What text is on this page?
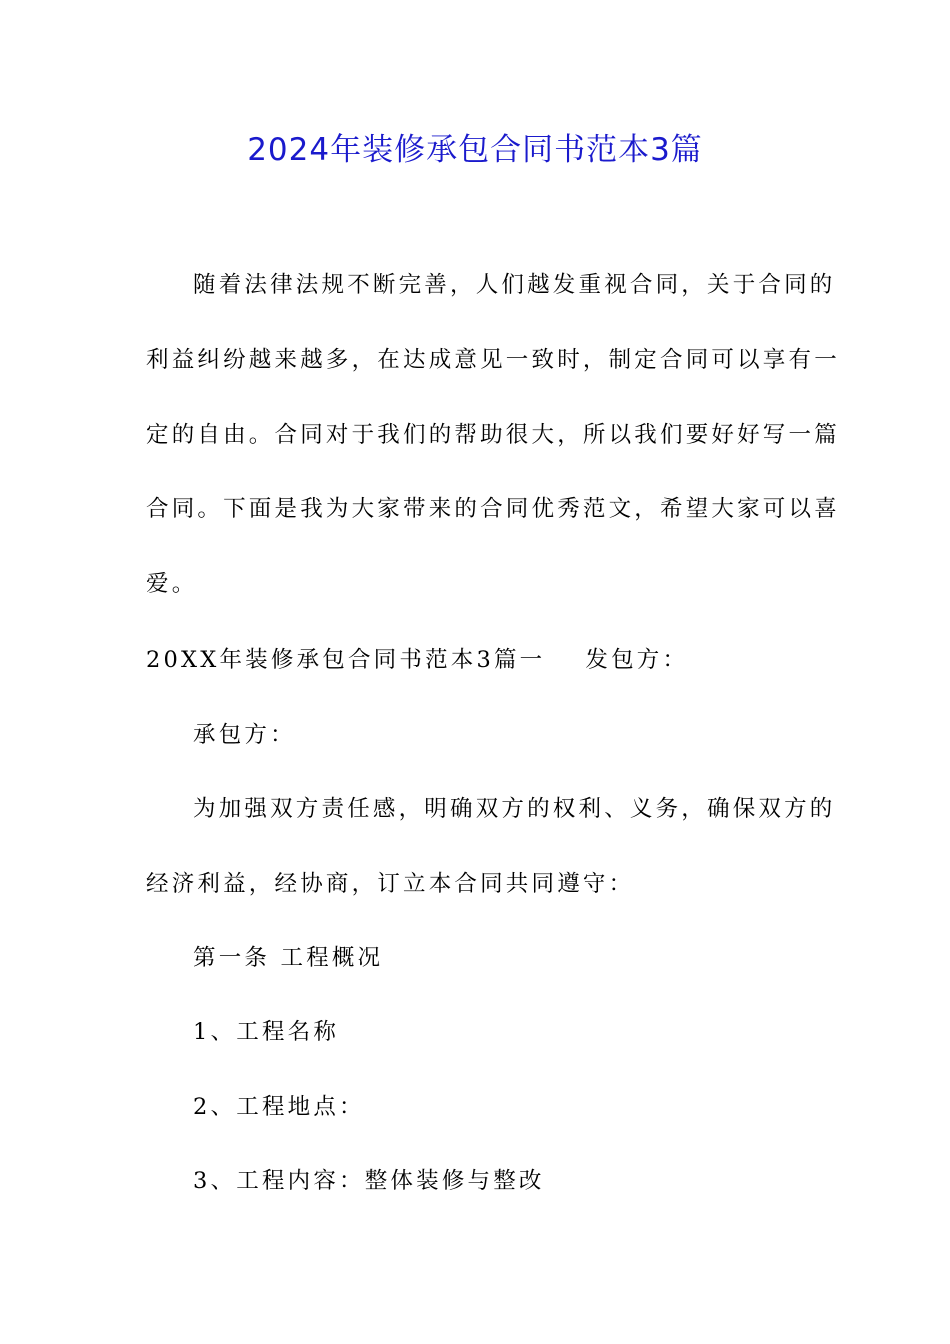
2024年装修承包合同书范本3篇
随着法律法规不断完善，人们越发重视合同，关于合同的
利益纠纷越来越多，在达成意见一致时，制定合同可以享有一
定的自由。合同对于我们的帮助很大，所以我们要好好写一篇
合同。下面是我为大家带来的合同优秀范文，希望大家可以喜
爱。
20XX年装修承包合同书范本3篇一 发包方：
承包方：
为加强双方责任感，明确双方的权利、义务，确保双方的
经济利益，经协商，订立本合同共同遵守：
第一条 工程概况
1、工程名称
2、工程地点：
3、工程内容：整体装修与整改
